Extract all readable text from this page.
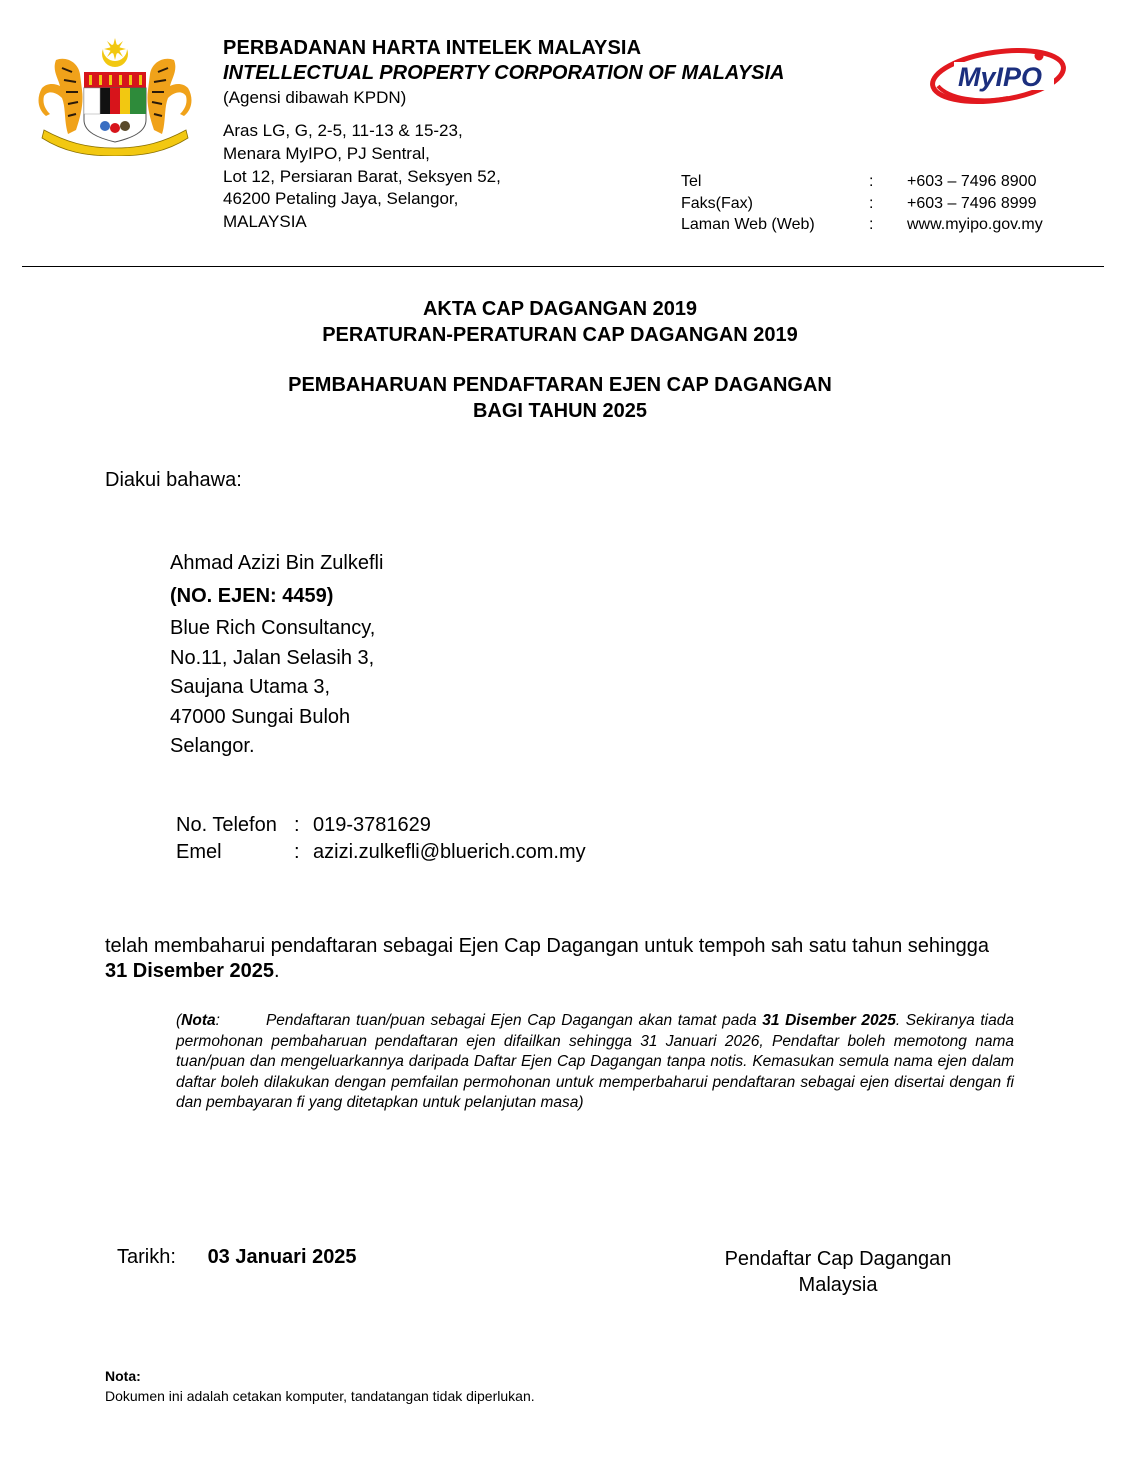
PERBADANAN HARTA INTELEK MALAYSIA
INTELLECTUAL PROPERTY CORPORATION OF MALAYSIA
(Agensi dibawah KPDN)
Aras LG, G, 2-5, 11-13 & 15-23,
Menara MyIPO, PJ Sentral,
Lot 12, Persiaran Barat, Seksyen 52,
46200 Petaling Jaya, Selangor,
MALAYSIA
MyIPO
Tel	:	+603 – 7496 8900
Faks(Fax)	:	+603 – 7496 8999
Laman Web (Web)	:	www.myipo.gov.my
AKTA CAP DAGANGAN 2019
PERATURAN-PERATURAN CAP DAGANGAN 2019
PEMBAHARUAN PENDAFTARAN EJEN CAP DAGANGAN
BAGI TAHUN 2025
Diakui bahawa:
Ahmad Azizi Bin Zulkefli
(NO. EJEN: 4459)
Blue Rich Consultancy,
No.11, Jalan Selasih 3,
Saujana Utama 3,
47000 Sungai Buloh
Selangor.
No. Telefon : 019-3781629
Emel	: azizi.zulkefli@bluerich.com.my
telah membaharui pendaftaran sebagai Ejen Cap Dagangan untuk tempoh sah satu tahun sehingga 31 Disember 2025.
(Nota:	Pendaftaran tuan/puan sebagai Ejen Cap Dagangan akan tamat pada 31 Disember 2025. Sekiranya tiada permohonan pembaharuan pendaftaran ejen difailkan sehingga 31 Januari 2026, Pendaftar boleh memotong nama tuan/puan dan mengeluarkannya daripada Daftar Ejen Cap Dagangan tanpa notis. Kemasukan semula nama ejen dalam daftar boleh dilakukan dengan pemfailan permohonan untuk memperbaharui pendaftaran sebagai ejen disertai dengan fi dan pembayaran fi yang ditetapkan untuk pelanjutan masa)
Tarikh: 03 Januari 2025	Pendaftar Cap Dagangan
Malaysia
Nota:
Dokumen ini adalah cetakan komputer, tandatangan tidak diperlukan.
